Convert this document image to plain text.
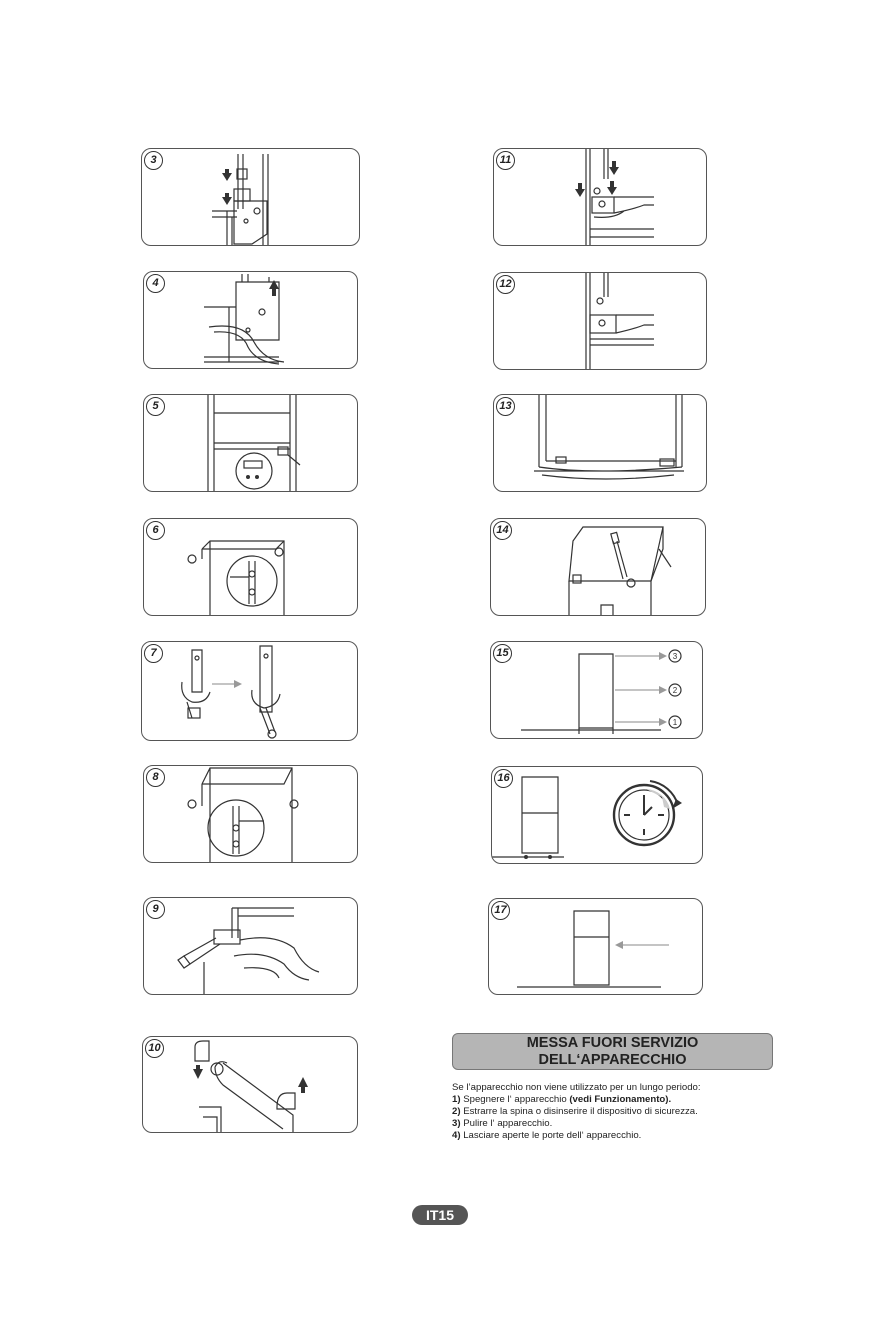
3
4
5
6
7
8
9
10
11
12
13
14
15	3
2
1
16
17
MESSA FUORI SERVIZIO
DELL‘APPARECCHIO

Se l’apparecchio non viene utilizzato per un lungo periodo:

1) Spegnere l‘ apparecchio (vedi Funzionamento).

2) Estrarre la spina o disinserire il dispositivo di sicurezza.

3) Pulire l‘ apparecchio.

4) Lasciare aperte le porte dell‘ apparecchio.

IT15
